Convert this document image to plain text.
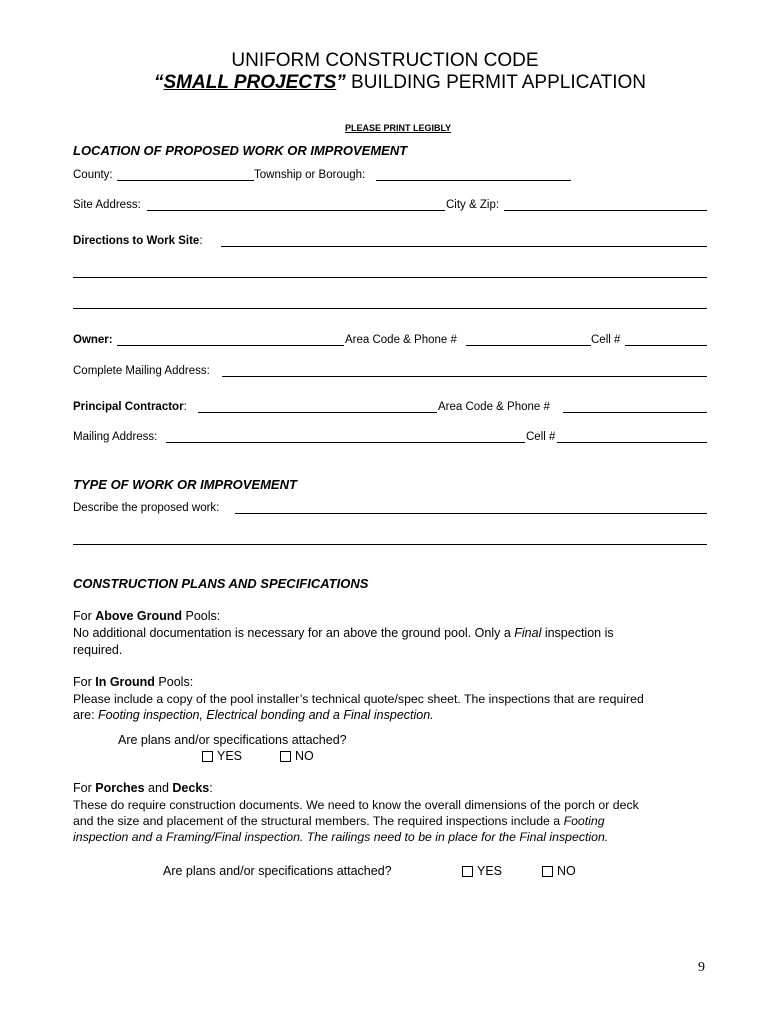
UNIFORM CONSTRUCTION CODE
“SMALL PROJECTS” BUILDING PERMIT APPLICATION
PLEASE PRINT LEGIBLY
LOCATION OF PROPOSED WORK OR IMPROVEMENT
County:	Township or Borough:
Site Address:	City & Zip:
Directions to Work Site:
Owner:	Area Code & Phone #	Cell #
Complete Mailing Address:
Principal Contractor:	Area Code & Phone #
Mailing Address:	Cell #
TYPE OF WORK OR IMPROVEMENT
Describe the proposed work:
CONSTRUCTION PLANS AND SPECIFICATIONS
For Above Ground Pools:
No additional documentation is necessary for an above the ground pool. Only a Final inspection is
required.
For In Ground Pools:
Please include a copy of the pool installer’s technical quote/spec sheet. The inspections that are required
are: Footing inspection, Electrical bonding and a Final inspection.
Are plans and/or specifications attached?
YES	NO
For Porches and Decks:
These do require construction documents. We need to know the overall dimensions of the porch or deck
and the size and placement of the structural members. The required inspections include a Footing
inspection and a Framing/Final inspection. The railings need to be in place for the Final inspection.
Are plans and/or specifications attached?	YES	NO
9
